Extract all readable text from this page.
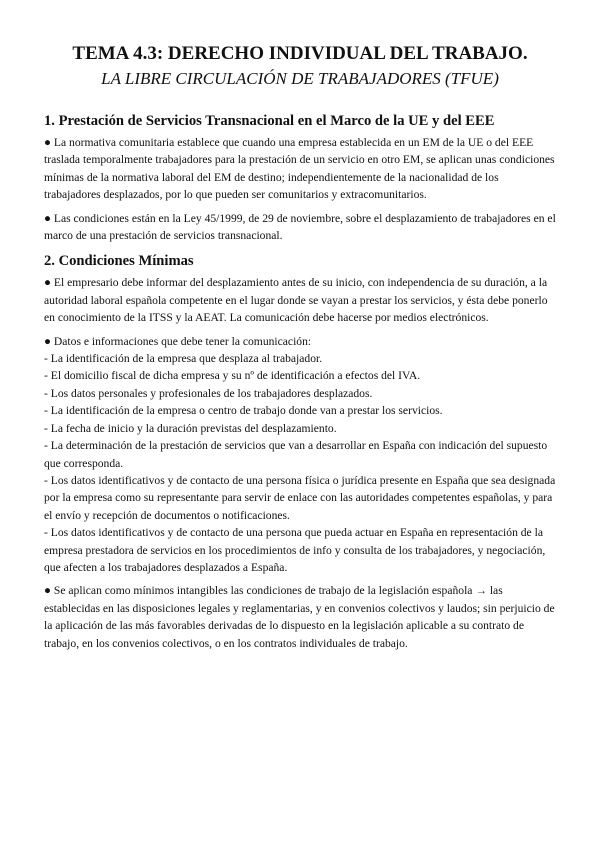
TEMA 4.3: DERECHO INDIVIDUAL DEL TRABAJO.
LA LIBRE CIRCULACIÓN DE TRABAJADORES (TFUE)
1. Prestación de Servicios Transnacional en el Marco de la UE y del EEE

● La normativa comunitaria establece que cuando una empresa establecida en un EM de la UE o del EEE traslada temporalmente trabajadores para la prestación de un servicio en otro EM, se aplican unas condiciones mínimas de la normativa laboral del EM de destino; independientemente de la nacionalidad de los trabajadores desplazados, por lo que pueden ser comunitarios y extracomunitarios.

● Las condiciones están en la Ley 45/1999, de 29 de noviembre, sobre el desplazamiento de trabajadores en el marco de una prestación de servicios transnacional.

2. Condiciones Mínimas

● El empresario debe informar del desplazamiento antes de su inicio, con independencia de su duración, a la autoridad laboral española competente en el lugar donde se vayan a prestar los servicios, y ésta debe ponerlo en conocimiento de la ITSS y la AEAT. La comunicación debe hacerse por medios electrónicos.

● Datos e informaciones que debe tener la comunicación:
- La identificación de la empresa que desplaza al trabajador.
- El domicilio fiscal de dicha empresa y su nº de identificación a efectos del IVA.
- Los datos personales y profesionales de los trabajadores desplazados.
- La identificación de la empresa o centro de trabajo donde van a prestar los servicios.
- La fecha de inicio y la duración previstas del desplazamiento.
- La determinación de la prestación de servicios que van a desarrollar en España con indicación del supuesto que corresponda.
- Los datos identificativos y de contacto de una persona física o jurídica presente en España que sea designada por la empresa como su representante para servir de enlace con las autoridades competentes españolas, y para el envío y recepción de documentos o notificaciones.
- Los datos identificativos y de contacto de una persona que pueda actuar en España en representación de la empresa prestadora de servicios en los procedimientos de info y consulta de los trabajadores, y negociación, que afecten a los trabajadores desplazados a España.

● Se aplican como mínimos intangibles las condiciones de trabajo de la legislación española → las establecidas en las disposiciones legales y reglamentarias, y en convenios colectivos y laudos; sin perjuicio de la aplicación de las más favorables derivadas de lo dispuesto en la legislación aplicable a su contrato de trabajo, en los convenios colectivos, o en los contratos individuales de trabajo.
